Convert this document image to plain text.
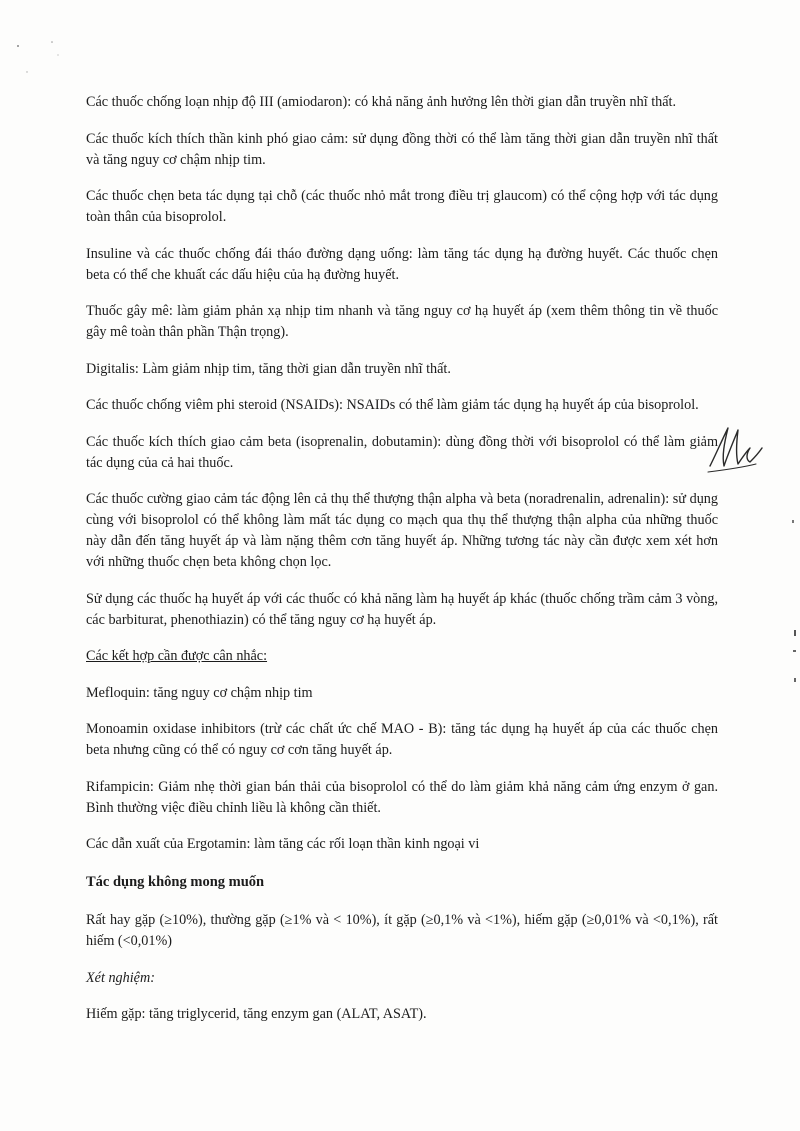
Các thuốc chống loạn nhịp độ III (amiodaron): có khả năng ảnh hưởng lên thời gian dẫn truyền nhĩ thất.

Các thuốc kích thích thần kinh phó giao cảm: sử dụng đồng thời có thể làm tăng thời gian dẫn truyền nhĩ thất và tăng nguy cơ chậm nhịp tim.

Các thuốc chẹn beta tác dụng tại chỗ (các thuốc nhỏ mắt trong điều trị glaucom) có thể cộng hợp với tác dụng toàn thân của bisoprolol.

Insuline và các thuốc chống đái tháo đường dạng uống: làm tăng tác dụng hạ đường huyết. Các thuốc chẹn beta có thể che khuất các dấu hiệu của hạ đường huyết.

Thuốc gây mê: làm giảm phản xạ nhịp tim nhanh và tăng nguy cơ hạ huyết áp (xem thêm thông tin về thuốc gây mê toàn thân phần Thận trọng).

Digitalis: Làm giảm nhịp tim, tăng thời gian dẫn truyền nhĩ thất.

Các thuốc chống viêm phi steroid (NSAIDs): NSAIDs có thể làm giảm tác dụng hạ huyết áp của bisoprolol.

Các thuốc kích thích giao cảm beta (isoprenalin, dobutamin): dùng đồng thời với bisoprolol có thể làm giảm tác dụng của cả hai thuốc.

Các thuốc cường giao cảm tác động lên cả thụ thể thượng thận alpha và beta (noradrenalin, adrenalin): sử dụng cùng với bisoprolol có thể không làm mất tác dụng co mạch qua thụ thể thượng thận alpha của những thuốc này dẫn đến tăng huyết áp và làm nặng thêm cơn tăng huyết áp. Những tương tác này cần được xem xét hơn với những thuốc chẹn beta không chọn lọc.

Sử dụng các thuốc hạ huyết áp với các thuốc có khả năng làm hạ huyết áp khác (thuốc chống trầm cảm 3 vòng, các barbiturat, phenothiazin) có thể tăng nguy cơ hạ huyết áp.

Các kết hợp cần được cân nhắc:

Mefloquin: tăng nguy cơ chậm nhịp tim

Monoamin oxidase inhibitors (trừ các chất ức chế MAO - B): tăng tác dụng hạ huyết áp của các thuốc chẹn beta nhưng cũng có thể có nguy cơ cơn tăng huyết áp.

Rifampicin: Giảm nhẹ thời gian bán thải của bisoprolol có thể do làm giảm khả năng cảm ứng enzym ở gan. Bình thường việc điều chỉnh liều là không cần thiết.

Các dẫn xuất của Ergotamin: làm tăng các rối loạn thần kinh ngoại vi

Tác dụng không mong muốn

Rất hay gặp (≥10%), thường gặp (≥1% và < 10%), ít gặp (≥0,1% và <1%), hiếm gặp (≥0,01% và <0,1%), rất hiếm (<0,01%)

Xét nghiệm:

Hiếm gặp: tăng triglycerid, tăng enzym gan (ALAT, ASAT).
